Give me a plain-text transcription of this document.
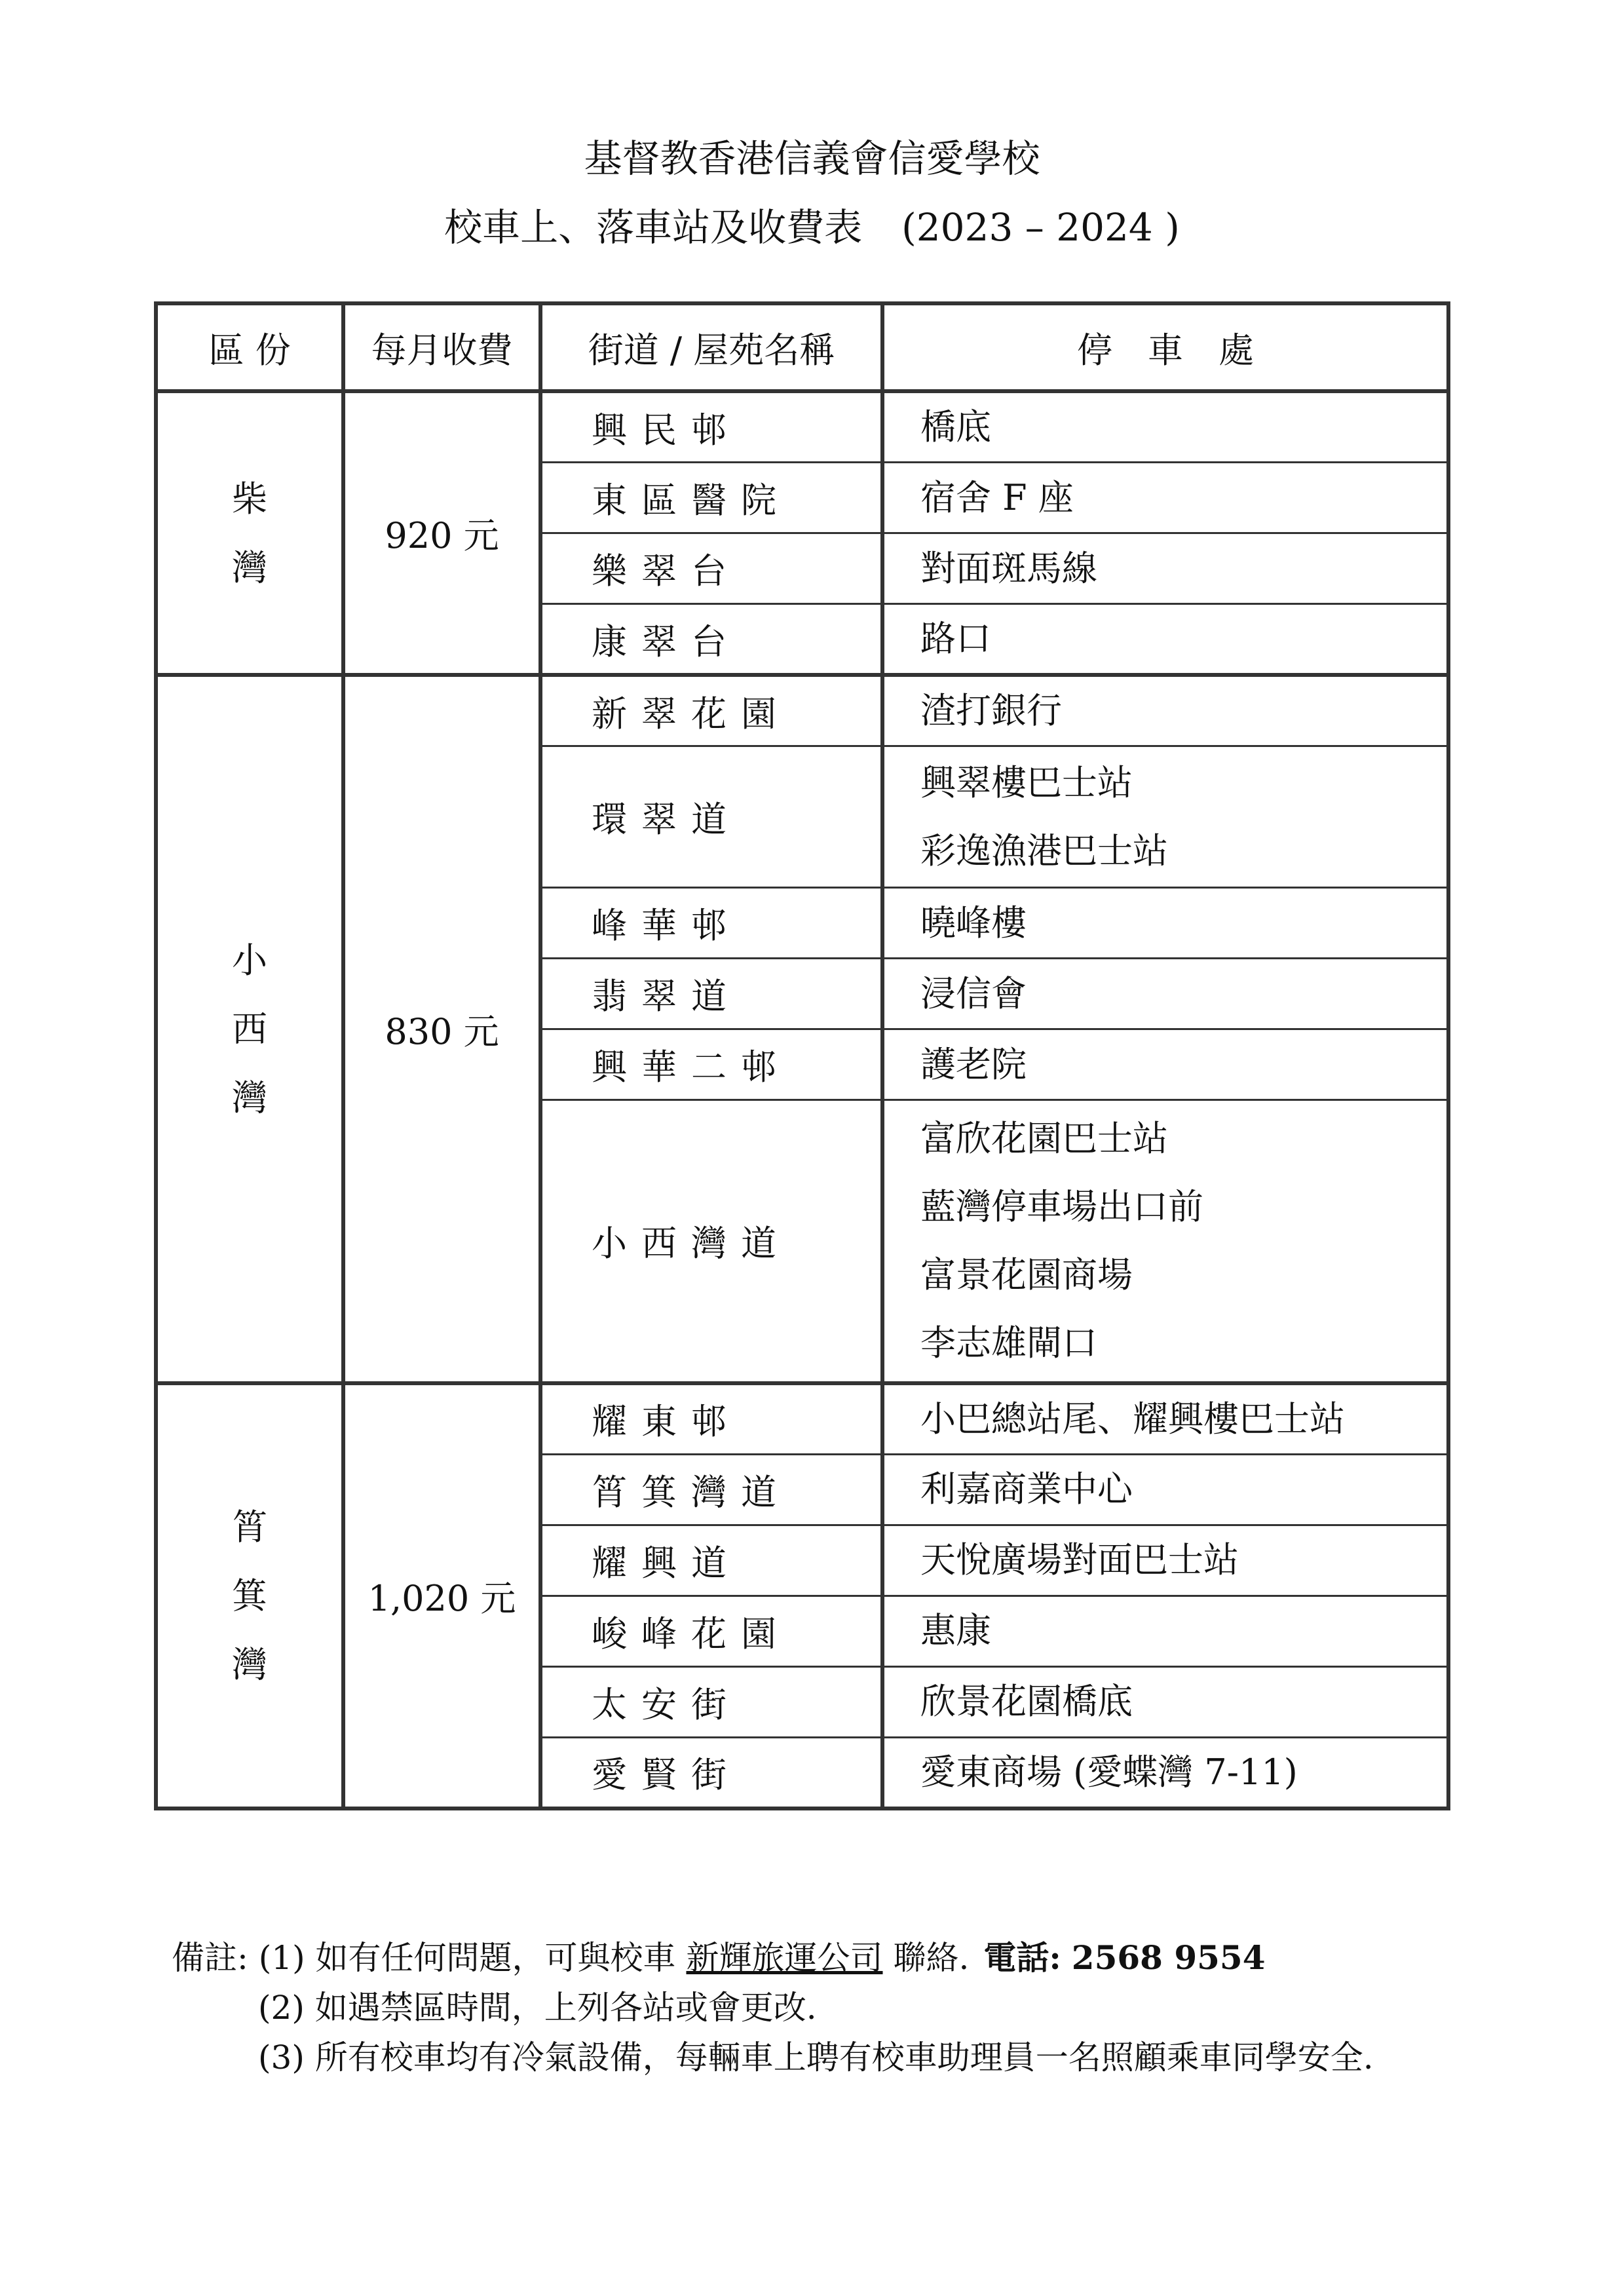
基督教香港信義會信愛學校
校車上、落車站及收費表 (2023 – 2024 )
區 份	每月收費	街道 / 屋苑名稱	停　車　處

柴
灣	920 元	興民邨	橋底

		東區醫院	宿舍 F 座

		樂翠台	對面斑馬線

		康翠台	路口

小
西
灣	830 元	新翠花園	渣打銀行

		環翠道	興翠樓巴士站
彩逸漁港巴士站

		峰華邨	曉峰樓

		翡翠道	浸信會

		興華二邨	護老院

		小西灣道	富欣花園巴士站
藍灣停車場出口前
富景花園商場
李志雄閘口

筲
箕
灣	1,020 元	耀東邨	小巴總站尾、耀興樓巴士站

		筲箕灣道	利嘉商業中心

		耀興道	天悅廣場對面巴士站

		峻峰花園	惠康

		太安街	欣景花園橋底

		愛賢街	愛東商場 (愛蝶灣 7-11)
備註: (1) 如有任何問題，可與校車 新輝旅運公司 聯絡. 電話: 2568 9554
(2) 如遇禁區時間，上列各站或會更改.
(3) 所有校車均有冷氣設備，每輛車上聘有校車助理員一名照顧乘車同學安全.
